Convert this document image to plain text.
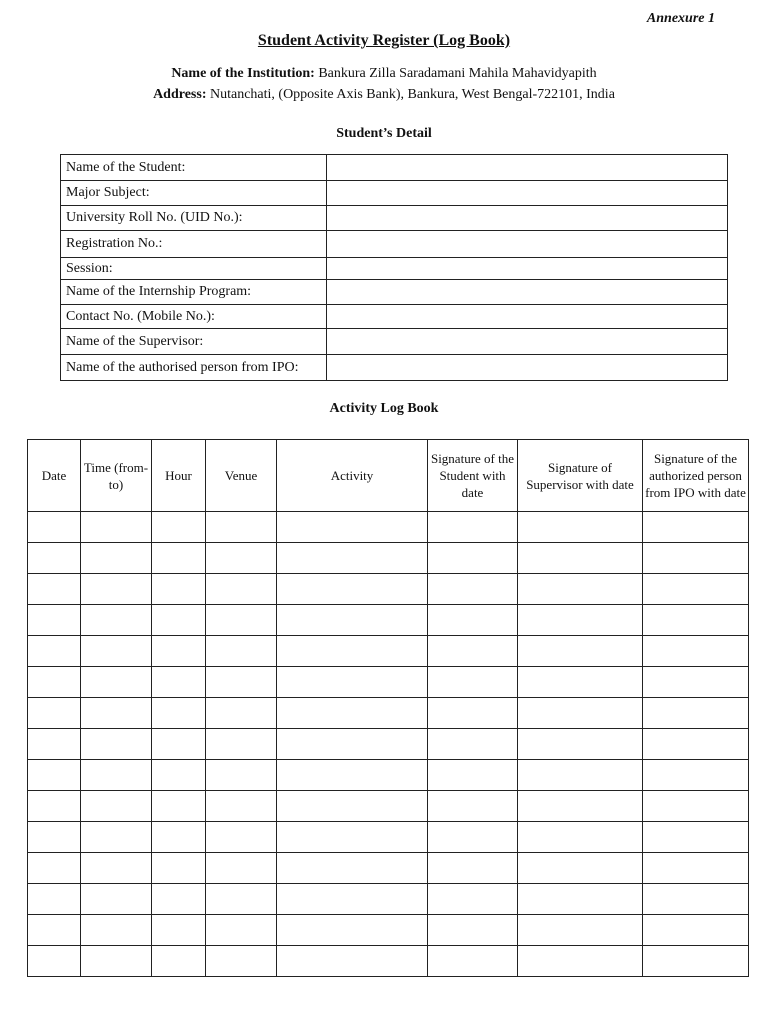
Annexure 1
Student Activity Register (Log Book)
Name of the Institution: Bankura Zilla Saradamani Mahila Mahavidyapith
Address: Nutanchati, (Opposite Axis Bank), Bankura, West Bengal-722101, India
Student’s Detail
Name of the Student:	
Major Subject:	
University Roll No. (UID No.):	
Registration No.:	
Session:	
Name of the Internship Program:	
Contact No. (Mobile No.):	
Name of the Supervisor:	
Name of the authorised person from IPO:	
Activity Log Book
Date	Time (from-to)	Hour	Venue	Activity	Signature of the Student with date	Signature of Supervisor with date	Signature of the authorized person from IPO with date
